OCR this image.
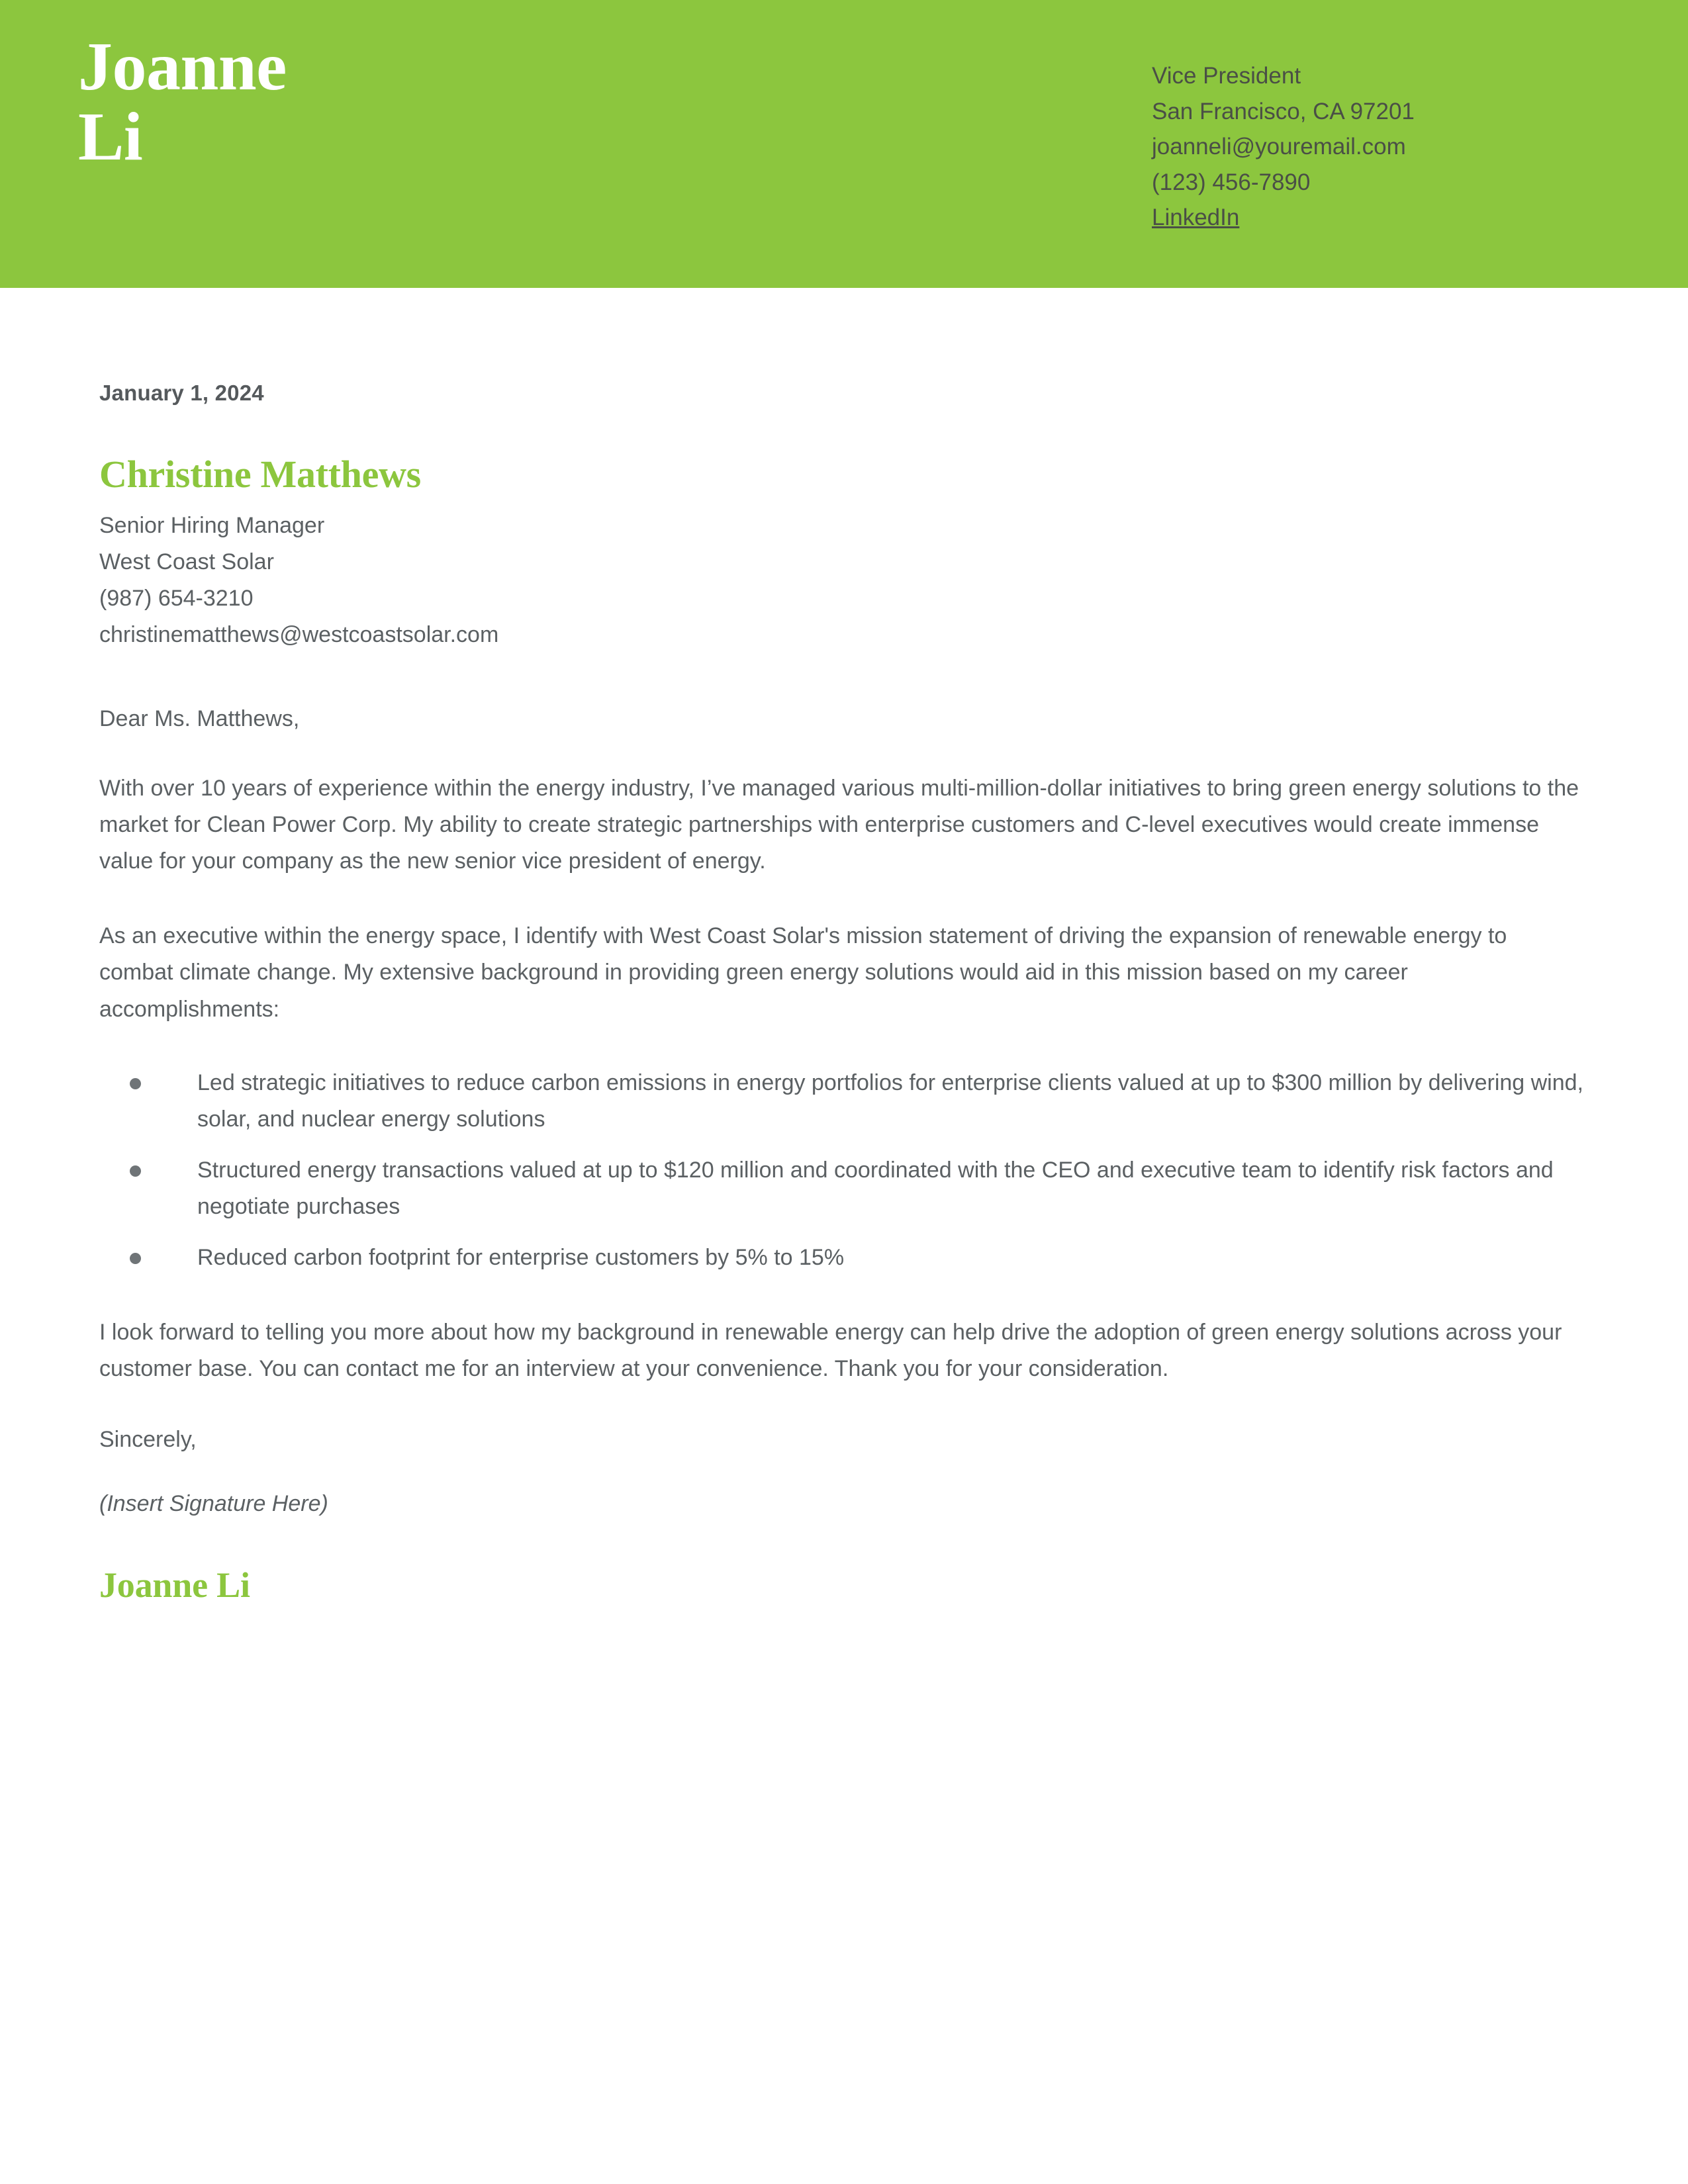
Joanne
Li
Vice President
San Francisco, CA 97201
joanneli@youremail.com
(123) 456-7890
LinkedIn
January 1, 2024
Christine Matthews
Senior Hiring Manager
West Coast Solar
(987) 654-3210
christinematthews@westcoastsolar.com
Dear Ms. Matthews,

With over 10 years of experience within the energy industry, I’ve managed various multi-million-dollar initiatives to bring green energy solutions to the market for Clean Power Corp. My ability to create strategic partnerships with enterprise customers and C-level executives would create immense value for your company as the new senior vice president of energy.

As an executive within the energy space, I identify with West Coast Solar's mission statement of driving the expansion of renewable energy to combat climate change. My extensive background in providing green energy solutions would aid in this mission based on my career accomplishments:

Led strategic initiatives to reduce carbon emissions in energy portfolios for enterprise clients valued at up to $300 million by delivering wind, solar, and nuclear energy solutions
Structured energy transactions valued at up to $120 million and coordinated with the CEO and executive team to identify risk factors and negotiate purchases
Reduced carbon footprint for enterprise customers by 5% to 15%

I look forward to telling you more about how my background in renewable energy can help drive the adoption of green energy solutions across your customer base. You can contact me for an interview at your convenience. Thank you for your consideration.

Sincerely,
(Insert Signature Here)
Joanne Li
